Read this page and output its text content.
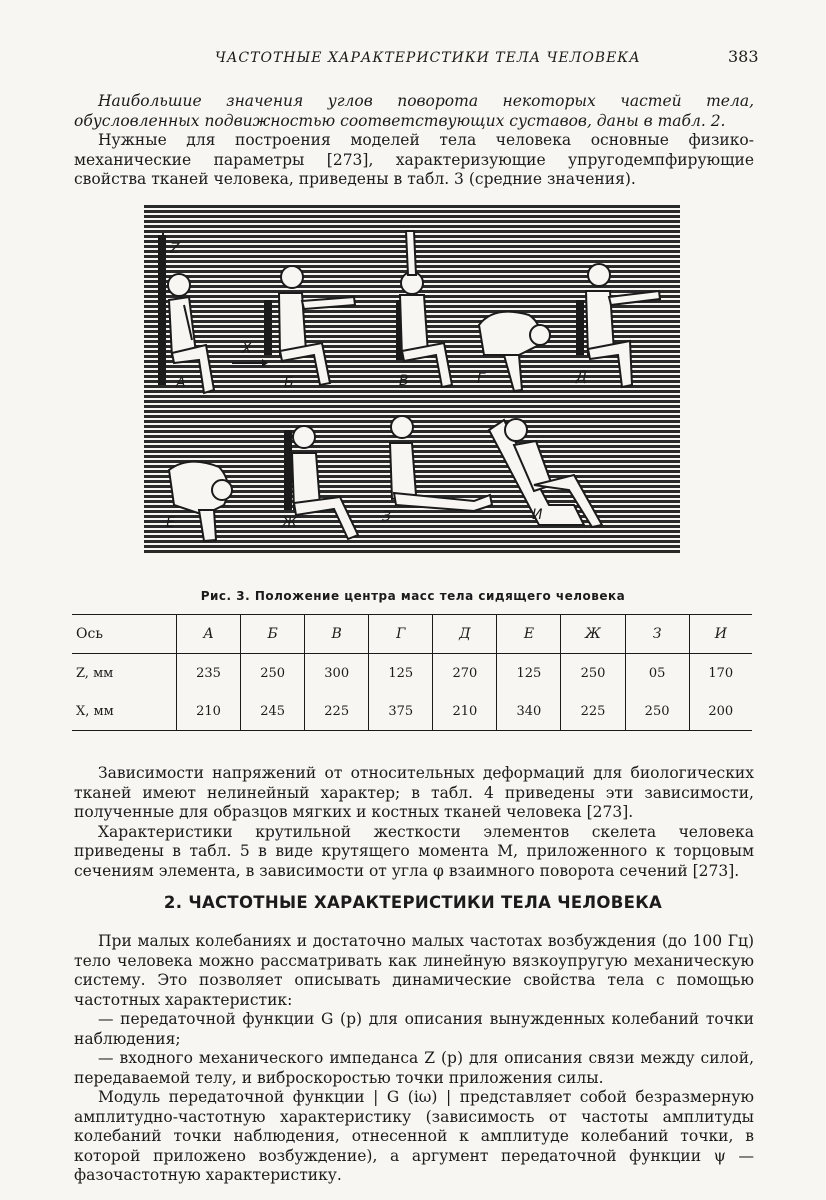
ЧАСТОТНЫЕ ХАРАКТЕРИСТИКИ ТЕЛА ЧЕЛОВЕКА	383

Наибольшие значения углов поворота некоторых частей тела, обусловленных подвижностью соответствующих суставов, даны в табл. 2.

Нужные для построения моделей тела человека основные физико-механические параметры [273], характеризующие упругодемпфирующие свойства тканей человека, приведены в табл. 3 (средние значения).

Z
X
А	Б	В	Г	Д
Е	Ж	З	И
Рис. 3. Положение центра масс тела сидящего человека
Ось	А	Б	В	Г	Д	Е	Ж	З	И
Z, мм	235	250	300	125	270	125	250	05	170
X, мм	210	245	225	375	210	340	225	250	200

Зависимости напряжений от относительных деформаций для биологических тканей имеют нелинейный характер; в табл. 4 приведены эти зависимости, полученные для образцов мягких и костных тканей человека [273].

Характеристики крутильной жесткости элементов скелета человека приведены в табл. 5 в виде крутящего момента M, приложенного к торцовым сечениям элемента, в зависимости от угла φ взаимного поворота сечений [273].

2. ЧАСТОТНЫЕ ХАРАКТЕРИСТИКИ ТЕЛА ЧЕЛОВЕКА

При малых колебаниях и достаточно малых частотах возбуждения (до 100 Гц) тело человека можно рассматривать как линейную вязкоупругую механическую систему. Это позволяет описывать динамические свойства тела с помощью частотных характеристик:

— передаточной функции G (p) для описания вынужденных колебаний точки наблюдения;

— входного механического импеданса Z (p) для описания связи между силой, передаваемой телу, и виброскоростью точки приложения силы.

Модуль передаточной функции | G (iω) | представляет собой безразмерную амплитудно-частотную характеристику (зависимость от частоты амплитуды колебаний точки наблюдения, отнесенной к амплитуде колебаний точки, в которой приложено возбуждение), а аргумент передаточной функции ψ — фазочастотную характеристику.
